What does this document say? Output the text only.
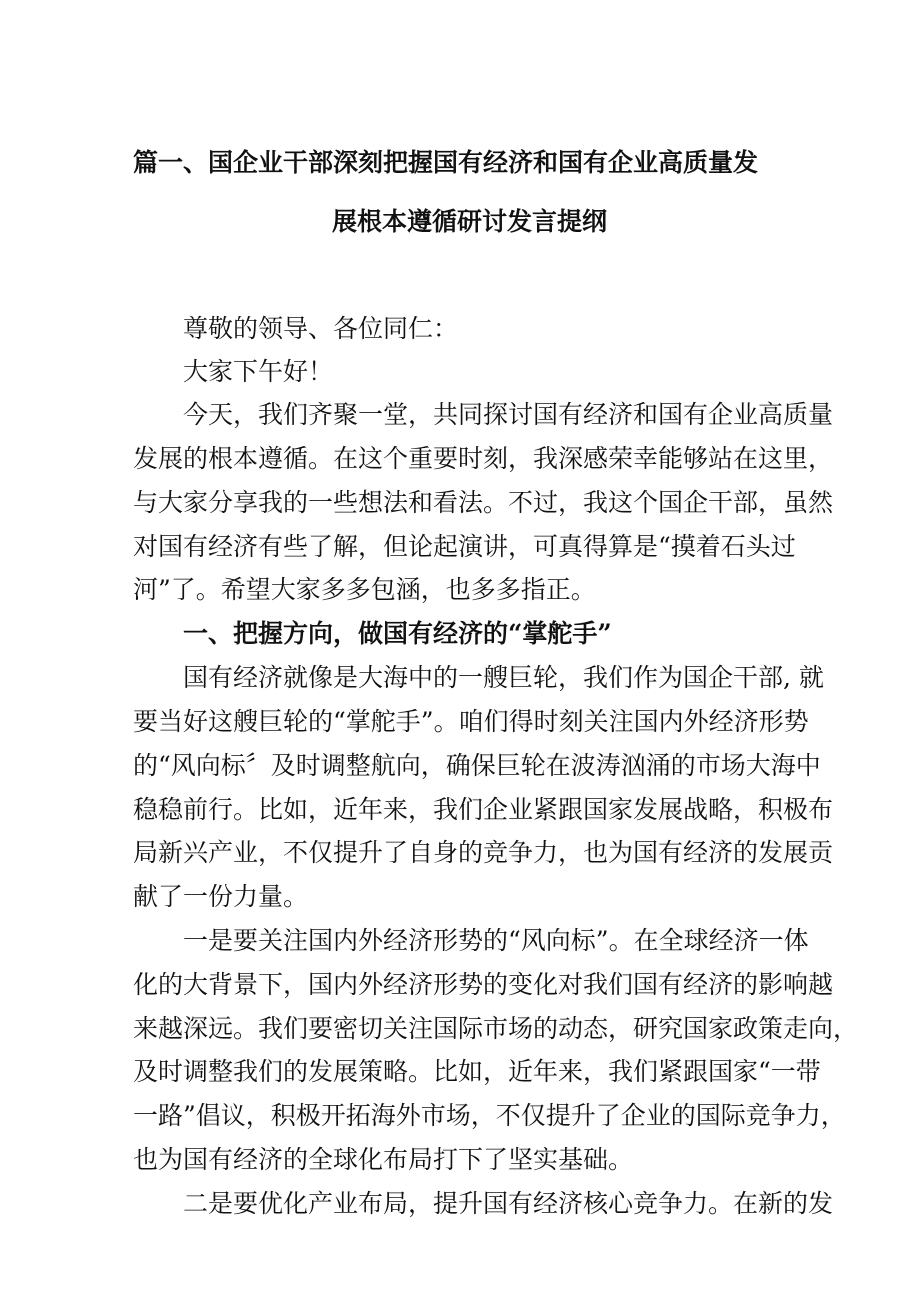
篇一、国企业干部深刻把握国有经济和国有企业高质量发
展根本遵循研讨发言提纲
尊敬的领导、各位同仁：
大家下午好！
今天，我们齐聚一堂，共同探讨国有经济和国有企业高质量
发展的根本遵循。在这个重要时刻，我深感荣幸能够站在这里，
与大家分享我的一些想法和看法。不过，我这个国企干部，虽然
对国有经济有些了解，但论起演讲，可真得算是“摸着石头过
河”了。希望大家多多包涵，也多多指正。
一、把握方向，做国有经济的“掌舵手”
国有经济就像是大海中的一艘巨轮，我们作为国企干部, 就
要当好这艘巨轮的“掌舵手”。咱们得时刻关注国内外经济形势
的“风向标〞及时调整航向，确保巨轮在波涛汹涌的市场大海中
稳稳前行。比如，近年来，我们企业紧跟国家发展战略，积极布
局新兴产业，不仅提升了自身的竞争力，也为国有经济的发展贡
献了一份力量。
一是要关注国内外经济形势的“风向标”。在全球经济一体
化的大背景下，国内外经济形势的变化对我们国有经济的影响越
来越深远。我们要密切关注国际市场的动态，研究国家政策走向，
及时调整我们的发展策略。比如，近年来，我们紧跟国家“一带
一路”倡议，积极开拓海外市场，不仅提升了企业的国际竞争力，
也为国有经济的全球化布局打下了坚实基础。
二是要优化产业布局，提升国有经济核心竞争力。在新的发
